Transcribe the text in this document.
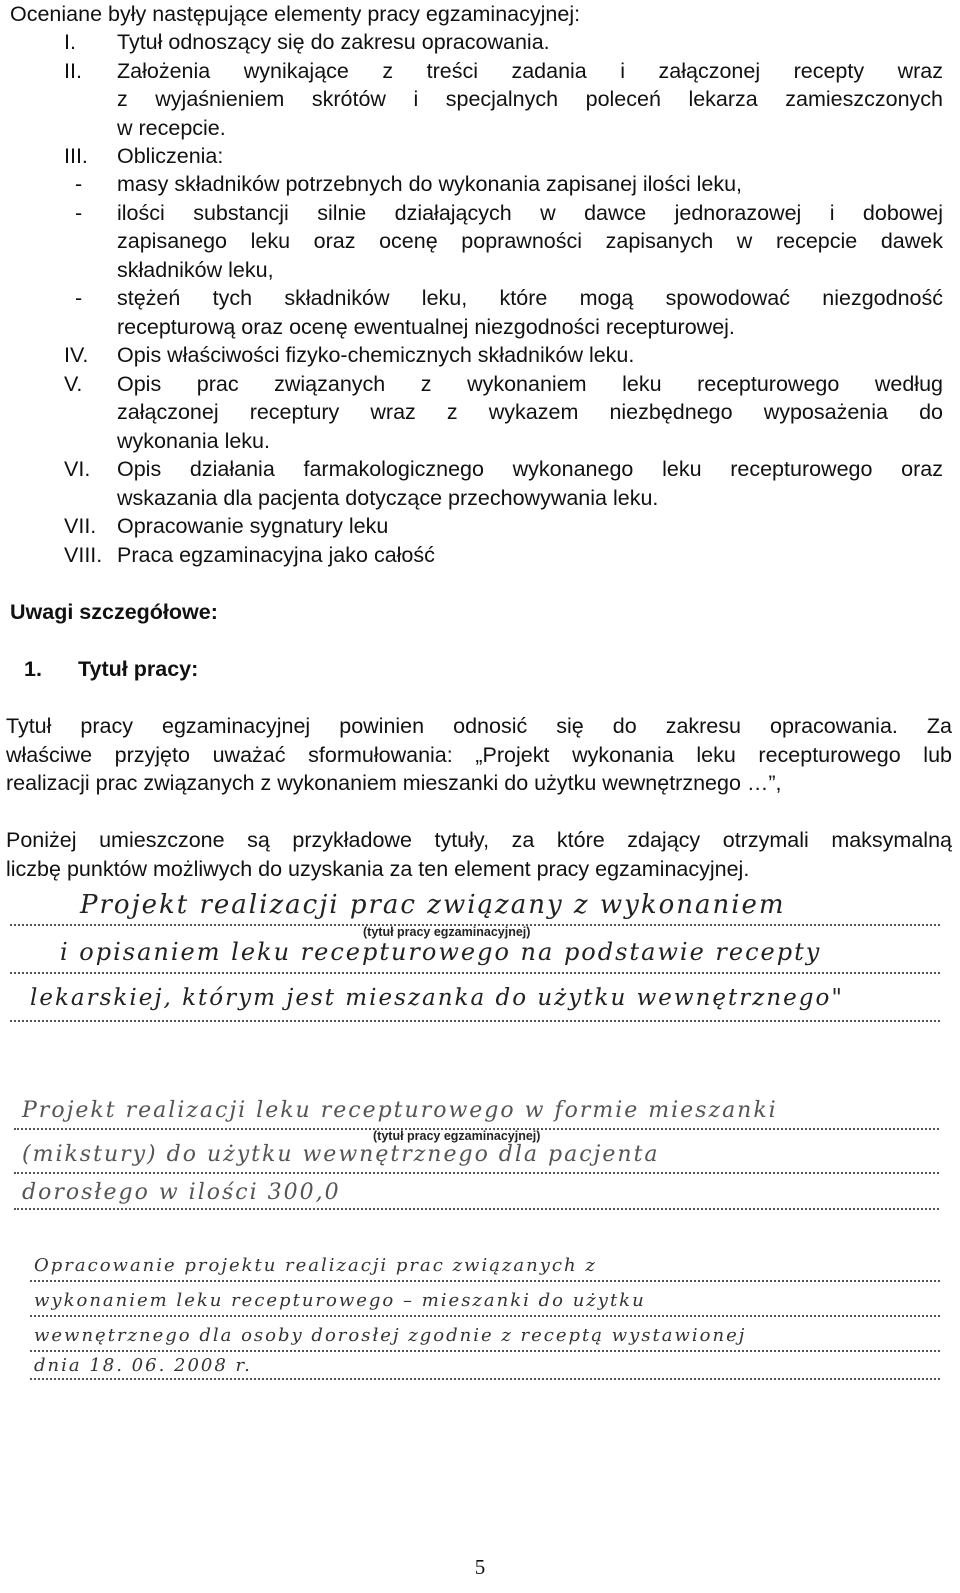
Oceniane były następujące elementy pracy egzaminacyjnej:
I.	Tytuł odnoszący się do zakresu opracowania.
II.	Założenia wynikające z treści zadania i załączonej recepty wraz
z wyjaśnieniem skrótów i specjalnych poleceń lekarza zamieszczonych
w recepcie.
III.	Obliczenia:
- masy składników potrzebnych do wykonania zapisanej ilości leku,
- ilości substancji silnie działających w dawce jednorazowej i dobowej
zapisanego leku oraz ocenę poprawności zapisanych w recepcie dawek
składników leku,
- stężeń tych składników leku, które mogą spowodować niezgodność
recepturową oraz ocenę ewentualnej niezgodności recepturowej.
IV.	Opis właściwości fizyko-chemicznych składników leku.
V.	Opis prac związanych z wykonaniem leku recepturowego według
załączonej receptury wraz z wykazem niezbędnego wyposażenia do
wykonania leku.
VI.	Opis działania farmakologicznego wykonanego leku recepturowego oraz
wskazania dla pacjenta dotyczące przechowywania leku.
VII. Opracowanie sygnatury leku
VIII. Praca egzaminacyjna jako całość
Uwagi szczegółowe:
1. Tytuł pracy:
Tytuł pracy egzaminacyjnej powinien odnosić się do zakresu opracowania. Za
właściwe przyjęto uważać sformułowania: „Projekt wykonania leku recepturowego lub
realizacji prac związanych z wykonaniem mieszanki do użytku wewnętrznego …”,
Poniżej umieszczone są przykładowe tytuły, za które zdający otrzymali maksymalną
liczbę punktów możliwych do uzyskania za ten element pracy egzaminacyjnej.
Projekt realizacji prac związany z wykonaniem
(tytuł pracy egzaminacyjnej)
i opisaniem leku recepturowego na podstawie recepty
lekarskiej, którym jest mieszanka do użytku wewnętrznego"
Projekt realizacji leku recepturowego w formie mieszanki
(tytuł pracy egzaminacyjnej)
(mikstury) do użytku wewnętrznego dla pacjenta
dorosłego w ilości 300,0
Opracowanie projektu realizacji prac związanych z
wykonaniem leku recepturowego – mieszanki do użytku
wewnętrznego dla osoby dorosłej zgodnie z receptą wystawionej
dnia 18. 06. 2008 r.
5
